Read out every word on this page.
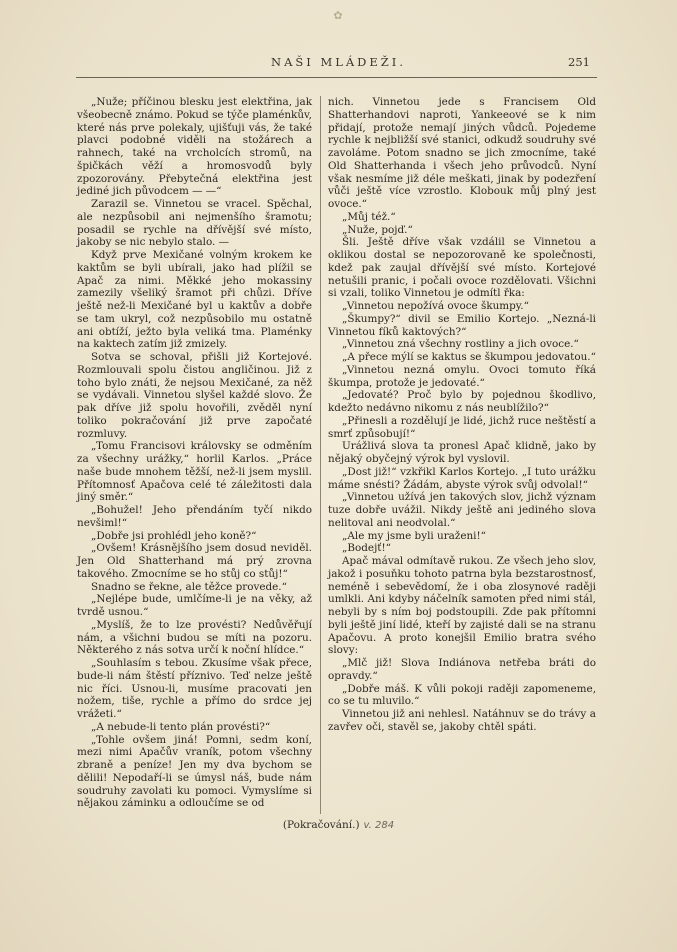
✿
NAŠI MLÁDEŽI.	251

„Nuže; příčinou blesku jest elektřina, jak všeobecně známo. Pokud se týče plaménkův, které nás prve polekaly, ujišťuji vás, že také plavci podobné viděli na stožárech a rahnech, také na vrcholcích stromů, na špičkách věží a hromosvodů byly zpozorovány. Přebytečná elektřina jest jediné jich původcem — —“

Zarazil se. Vinnetou se vracel. Spěchal, ale nezpůsobil ani nejmenšího šramotu; posadil se rychle na dřívější své místo, jakoby se nic nebylo stalo. —

Když prve Mexičané volným krokem ke kaktům se byli ubírali, jako had plížil se Apač za nimi. Měkké jeho mokassiny zamezily všeliký šramot při chůzi. Dříve ještě než-li Mexičané byl u kaktův a dobře se tam ukryl, což nezpůsobilo mu ostatně ani obtíží, ježto byla veliká tma. Plaménky na kaktech zatím již zmizely.

Sotva se schoval, přišli již Kortejové. Rozmlouvali spolu čistou angličinou. Již z toho bylo znáti, že nejsou Mexičané, za něž se vydávali. Vinnetou slyšel každé slovo. Že pak dříve již spolu hovořili, zvěděl nyní toliko pokračování již prve započaté rozmluvy.

„Tomu Francisovi královsky se odměním za všechny urážky,“ horlil Karlos. „Práce naše bude mnohem těžší, než-li jsem myslil. Přítomnosť Apačova celé té záležitosti dala jiný směr.“

„Bohužel! Jeho přendáním tyčí nikdo nevšiml!“

„Dobře jsi prohlédl jeho koně?“

„Ovšem! Krásnějšího jsem dosud neviděl. Jen Old Shatterhand má prý zrovna takového. Zmocníme se ho stůj co stůj!“

Snadno se řekne, ale těžce provede.“

„Nejlépe bude, umlčíme-li je na věky, až tvrdě usnou.“

„Myslíš, že to lze provésti? Nedůvěřují nám, a všichni budou se míti na pozoru. Některého z nás sotva určí k noční hlídce.“

„Souhlasím s tebou. Zkusíme však přece, bude-li nám štěstí příznivo. Teď nelze ještě nic říci. Usnou-li, musíme pracovati jen nožem, tiše, rychle a přímo do srdce jej vrážeti.“

„A nebude-li tento plán provésti?“

„Tohle ovšem jiná! Pomni, sedm koní, mezi nimi Apačův vraník, potom všechny zbraně a peníze! Jen my dva bychom se dělili! Nepodaří-li se úmysl náš, bude nám soudruhy zavolati ku pomoci. Vymyslíme si nějakou záminku a odloučíme se od

nich. Vinnetou jede s Francisem Old Shatterhandovi naproti, Yankeeové se k nim přidají, protože nemají jiných vůdců. Pojedeme rychle k nejbližší své stanici, odkudž soudruhy své zavoláme. Potom snadno se jich zmocníme, také Old Shatterhanda i všech jeho průvodců. Nyní však nesmíme již déle meškati, jinak by podezření vůči ještě více vzrostlo. Klobouk můj plný jest ovoce.“

„Můj též.“

„Nuže, pojď.“

Šli. Ještě dříve však vzdálil se Vinnetou a oklikou dostal se nepozorovaně ke společnosti, kdež pak zaujal dřívější své místo. Kortejové netušili pranic, i počali ovoce rozdělovati. Všichni si vzali, toliko Vinnetou je odmítl řka:

„Vinnetou nepožívá ovoce škumpy.“

„Škumpy?“ divil se Emilio Kortejo. „Nezná-li Vinnetou fíků kaktových?“

„Vinnetou zná všechny rostliny a jich ovoce.“

„A přece mýlí se kaktus se škumpou jedovatou.“

„Vinnetou nezná omylu. Ovoci tomuto říká škumpa, protože je jedovaté.“

„Jedovaté? Proč bylo by pojednou škodlivo, kdežto nedávno nikomu z nás neublížilo?“

„Přinesli a rozdělují je lidé, jichž ruce neštěstí a smrť způsobují!“

Urážlivá slova ta pronesl Apač klidně, jako by nějaký obyčejný výrok byl vyslovil.

„Dost již!“ vzkřikl Karlos Kortejo. „I tuto urážku máme snésti? Žádám, abyste výrok svůj odvolal!“

„Vinnetou užívá jen takových slov, jichž význam tuze dobře uvážil. Nikdy ještě ani jediného slova nelitoval ani neodvolal.“

„Ale my jsme byli uraženi!“

„Bodejť!“

Apač mával odmítavě rukou. Ze všech jeho slov, jakož i posuňku tohoto patrna byla bezstarostnosť, neméně i sebevědomí, že i oba zlosynové raději umlkli. Ani kdyby náčelník samoten před nimi stál, nebyli by s ním boj podstoupili. Zde pak přítomni byli ještě jiní lidé, kteří by zajisté dali se na stranu Apačovu. A proto konejšil Emilio bratra svého slovy:

„Mlč již! Slova Indiánova netřeba bráti do opravdy.“

„Dobře máš. K vůli pokoji raději zapomeneme, co se tu mluvilo.“

Vinnetou již ani nehlesl. Natáhnuv se do trávy a zavřev oči, stavěl se, jakoby chtěl spáti.

(Pokračování.) v. 284
